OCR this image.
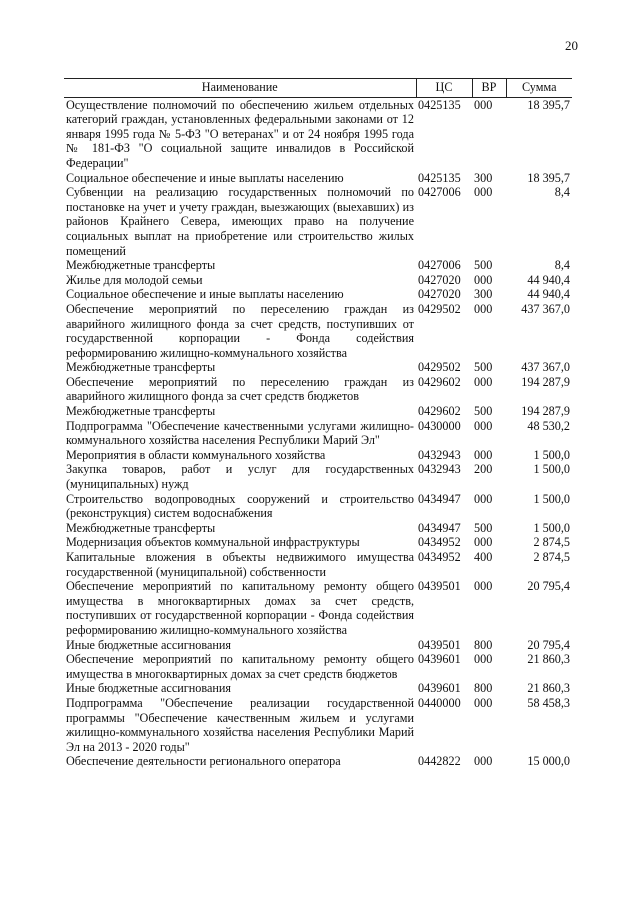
20
Наименование	ЦС	ВР	Сумма
Осуществление полномочий по обеспечению жильем отдельных категорий граждан, установленных федеральными законами от 12 января 1995 года № 5-ФЗ "О ветеранах" и от 24 ноября 1995 года № 181-ФЗ "О социальной защите инвалидов в Российской Федерации"	0425135	000	18 395,7
Социальное обеспечение и иные выплаты населению	0425135	300	18 395,7
Субвенции на реализацию государственных полномочий по постановке на учет и учету граждан, выезжающих (выехавших) из районов Крайнего Севера, имеющих право на получение социальных выплат на приобретение или строительство жилых помещений	0427006	000	8,4
Межбюджетные трансферты	0427006	500	8,4
Жилье для молодой семьи	0427020	000	44 940,4
Социальное обеспечение и иные выплаты населению	0427020	300	44 940,4
Обеспечение мероприятий по переселению граждан из аварийного жилищного фонда за счет средств, поступивших от государственной корпорации - Фонда содействия реформированию жилищно-коммунального хозяйства	0429502	000	437 367,0
Межбюджетные трансферты	0429502	500	437 367,0
Обеспечение мероприятий по переселению граждан из аварийного жилищного фонда за счет средств бюджетов	0429602	000	194 287,9
Межбюджетные трансферты	0429602	500	194 287,9
Подпрограмма "Обеспечение качественными услугами жилищно-коммунального хозяйства населения Республики Марий Эл"	0430000	000	48 530,2
Мероприятия в области коммунального хозяйства	0432943	000	1 500,0
Закупка товаров, работ и услуг для государственных (муниципальных) нужд	0432943	200	1 500,0
Строительство водопроводных сооружений и строительство (реконструкция) систем водоснабжения	0434947	000	1 500,0
Межбюджетные трансферты	0434947	500	1 500,0
Модернизация объектов коммунальной инфраструктуры	0434952	000	2 874,5
Капитальные вложения в объекты недвижимого имущества государственной (муниципальной) собственности	0434952	400	2 874,5
Обеспечение мероприятий по капитальному ремонту общего имущества в многоквартирных домах за счет средств, поступивших от государственной корпорации - Фонда содействия реформированию жилищно-коммунального хозяйства	0439501	000	20 795,4
Иные бюджетные ассигнования	0439501	800	20 795,4
Обеспечение мероприятий по капитальному ремонту общего имущества в многоквартирных домах за счет средств бюджетов	0439601	000	21 860,3
Иные бюджетные ассигнования	0439601	800	21 860,3
Подпрограмма "Обеспечение реализации государственной программы "Обеспечение качественным жильем и услугами жилищно-коммунального хозяйства населения Республики Марий Эл на 2013 - 2020 годы"	0440000	000	58 458,3
Обеспечение деятельности регионального оператора	0442822	000	15 000,0
